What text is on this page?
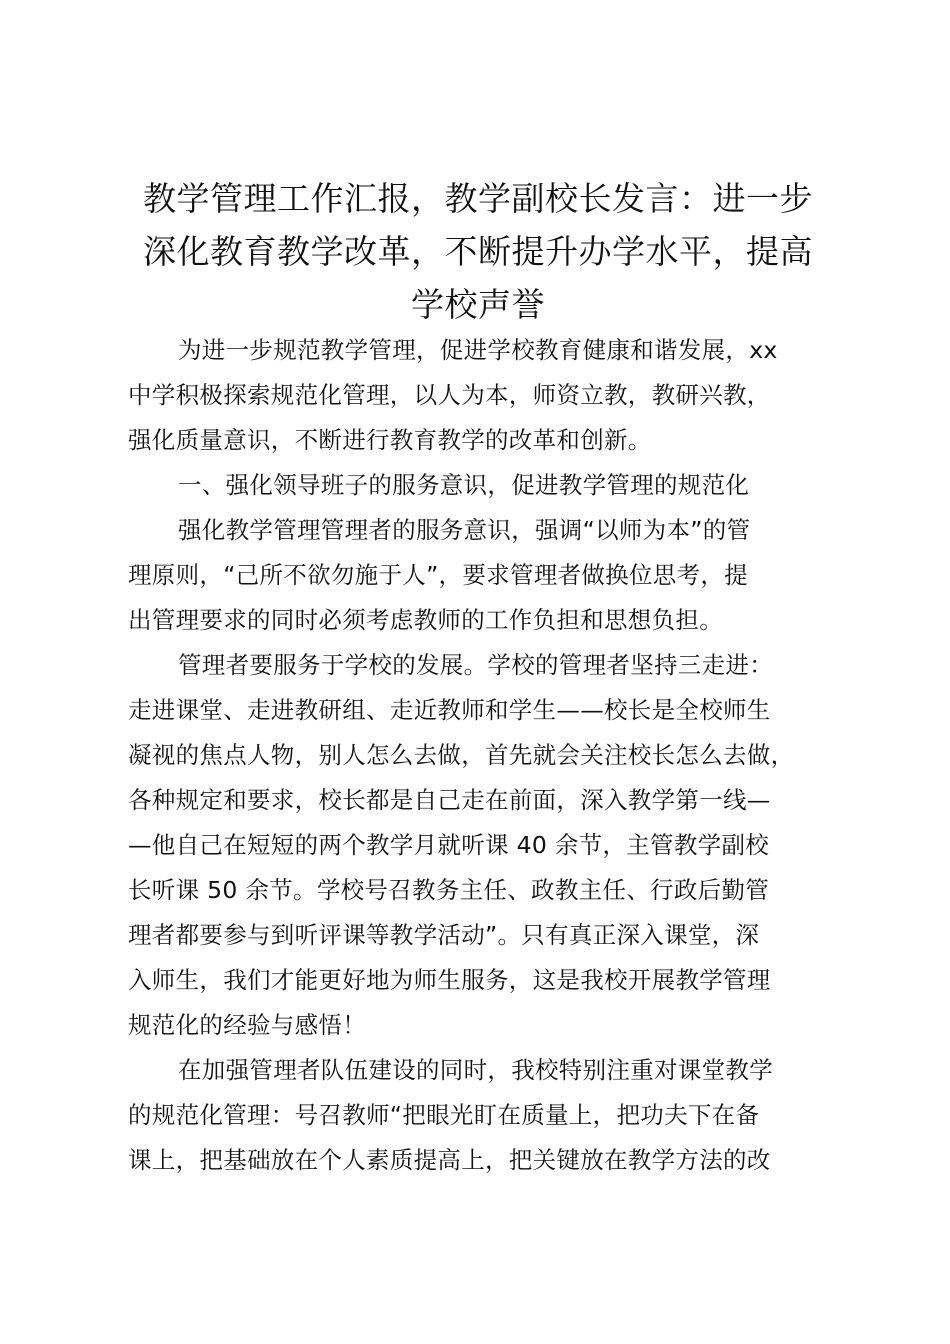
教学管理工作汇报，教学副校长发言：进一步
深化教育教学改革，不断提升办学水平，提高
学校声誉

为进一步规范教学管理，促进学校教育健康和谐发展，xx
中学积极探索规范化管理，以人为本，师资立教，教研兴教，
强化质量意识，不断进行教育教学的改革和创新。

一、强化领导班子的服务意识，促进教学管理的规范化

强化教学管理管理者的服务意识，强调“以师为本”的管
理原则，“己所不欲勿施于人”，要求管理者做换位思考，提
出管理要求的同时必须考虑教师的工作负担和思想负担。

管理者要服务于学校的发展。学校的管理者坚持三走进：
走进课堂、走进教研组、走近教师和学生——校长是全校师生
凝视的焦点人物，别人怎么去做，首先就会关注校长怎么去做，
各种规定和要求，校长都是自己走在前面，深入教学第一线—
—他自己在短短的两个教学月就听课 40 余节，主管教学副校
长听课 50 余节。学校号召教务主任、政教主任、行政后勤管
理者都要参与到听评课等教学活动”。只有真正深入课堂，深
入师生，我们才能更好地为师生服务，这是我校开展教学管理
规范化的经验与感悟！

在加强管理者队伍建设的同时，我校特别注重对课堂教学
的规范化管理：号召教师“把眼光盯在质量上，把功夫下在备
课上，把基础放在个人素质提高上，把关键放在教学方法的改
